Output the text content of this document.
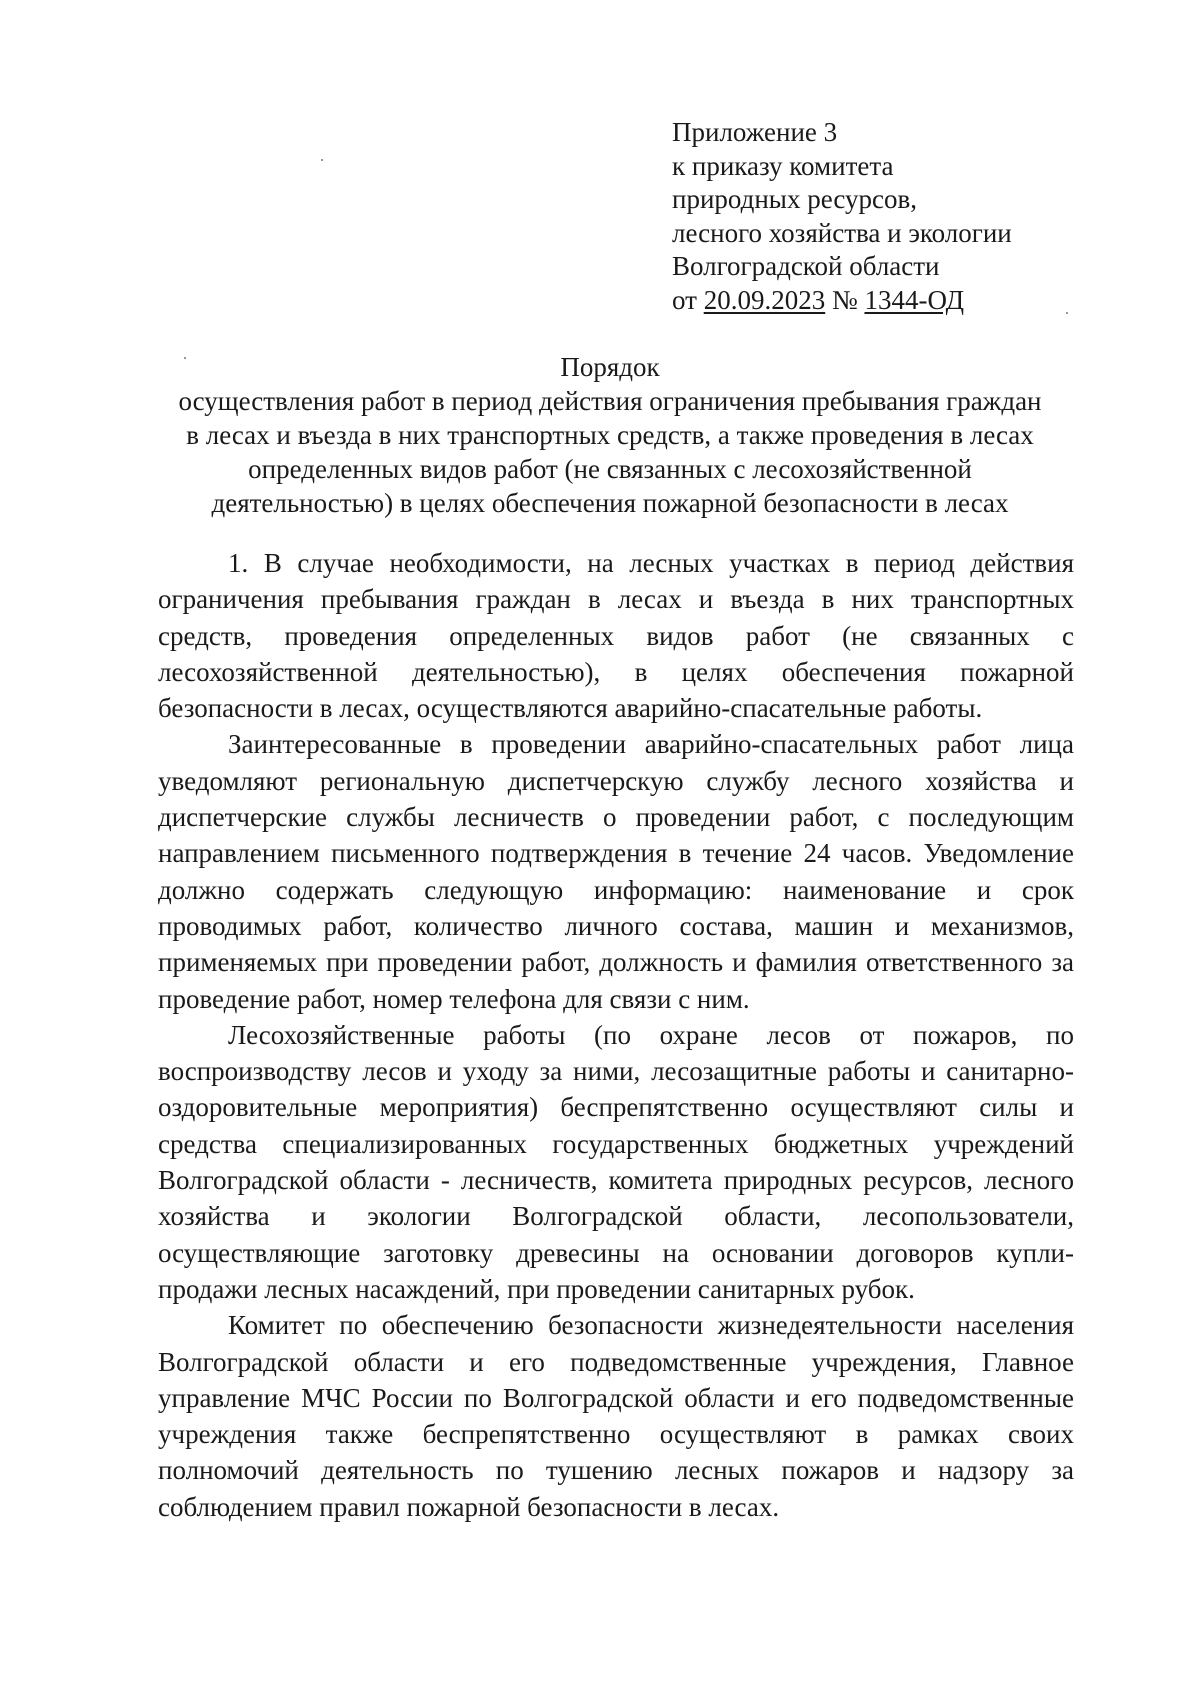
Приложение 3
к приказу комитета
природных ресурсов,
лесного хозяйства и экологии
Волгоградской области
от 20.09.2023 № 1344-ОД
Порядок
осуществления работ в период действия ограничения пребывания граждан
в лесах и въезда в них транспортных средств, а также проведения в лесах
определенных видов работ (не связанных с лесохозяйственной
деятельностью) в целях обеспечения пожарной безопасности в лесах

1. В случае необходимости, на лесных участках в период действия ограничения пребывания граждан в лесах и въезда в них транспортных средств, проведения определенных видов работ (не связанных с лесохозяйственной деятельностью), в целях обеспечения пожарной безопасности в лесах, осуществляются аварийно-спасательные работы.

Заинтересованные в проведении аварийно-спасательных работ лица уведомляют региональную диспетчерскую службу лесного хозяйства и диспетчерские службы лесничеств о проведении работ, с последующим направлением письменного подтверждения в течение 24 часов. Уведомление должно содержать следующую информацию: наименование и срок проводимых работ, количество личного состава, машин и механизмов, применяемых при проведении работ, должность и фамилия ответственного за проведение работ, номер телефона для связи с ним.

Лесохозяйственные работы (по охране лесов от пожаров, по воспроизводству лесов и уходу за ними, лесозащитные работы и санитарно-оздоровительные мероприятия) беспрепятственно осуществляют силы и средства специализированных государственных бюджетных учреждений Волгоградской области - лесничеств, комитета природных ресурсов, лесного хозяйства и экологии Волгоградской области, лесопользователи, осуществляющие заготовку древесины на основании договоров купли-продажи лесных насаждений, при проведении санитарных рубок.

Комитет по обеспечению безопасности жизнедеятельности населения Волгоградской области и его подведомственные учреждения, Главное управление МЧС России по Волгоградской области и его подведомственные учреждения также беспрепятственно осуществляют в рамках своих полномочий деятельность по тушению лесных пожаров и надзору за соблюдением правил пожарной безопасности в лесах.
